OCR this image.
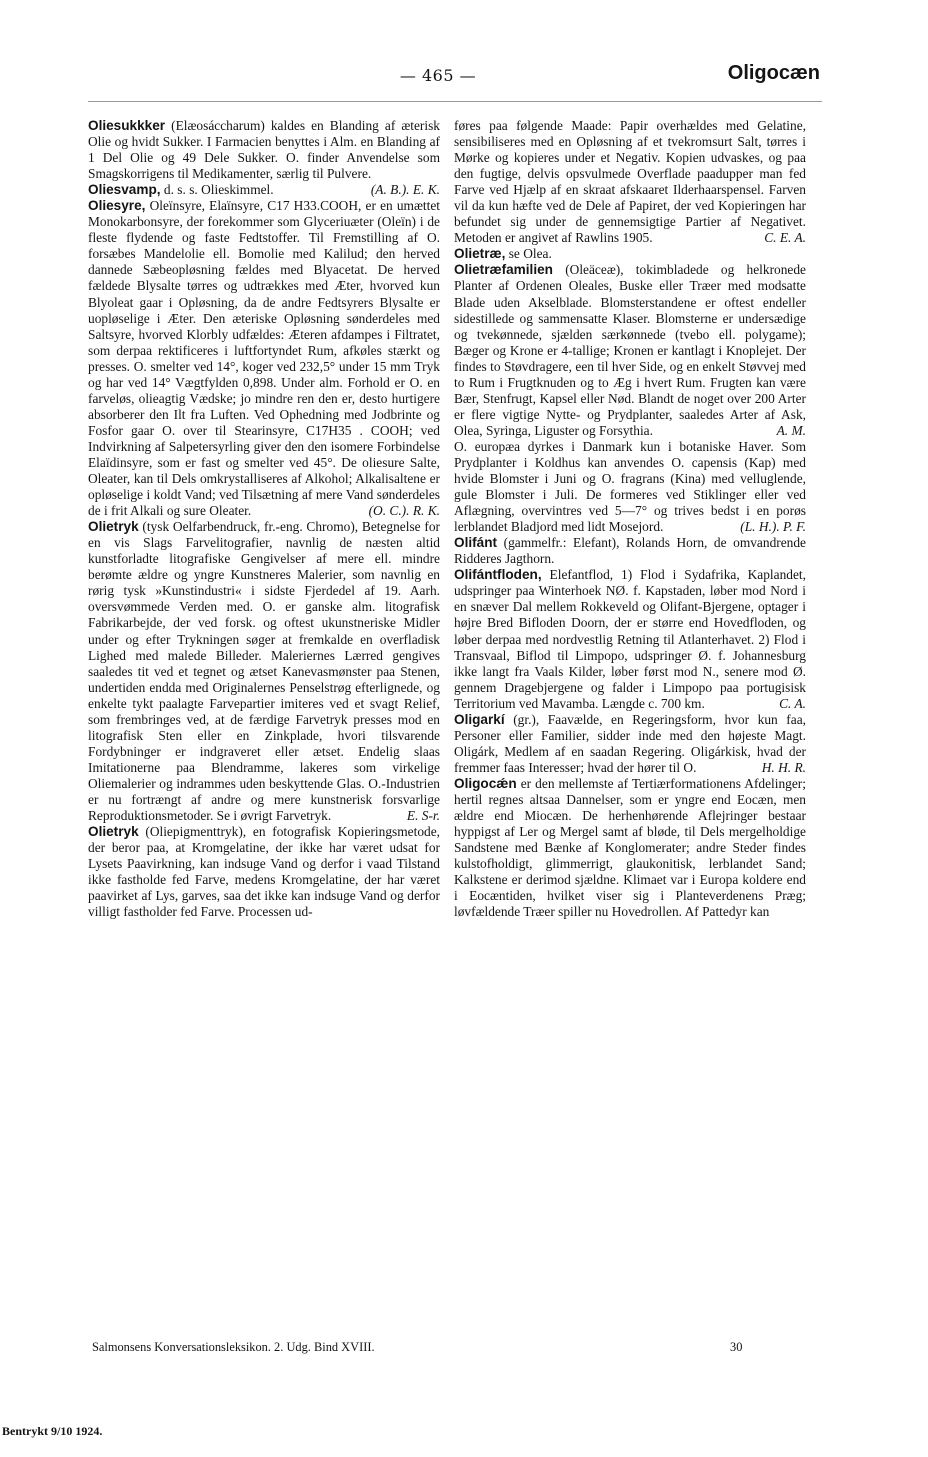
— 465 —	Oligocæn

Oliesukkker (Elæosáccharum) kaldes en Blanding af æterisk Olie og hvidt Sukker. I Farmacien benyttes i Alm. en Blanding af 1 Del Olie og 49 Dele Sukker. O. finder Anvendelse som Smagskorrigens til Medikamenter, særlig til Pulvere.
(A. B.). E. K.

Oliesvamp, d. s. s. Olieskimmel.

Oliesyre, Oleïnsyre, Elaïnsyre, C17 H33.COOH, er en umættet Monokarbonsyre, der forekommer som Glyceriuæter (Oleïn) i de fleste flydende og faste Fedtstoffer. Til Fremstilling af O. forsæbes Mandelolie ell. Bomolie med Kalilud; den herved dannede Sæbeopløsning fældes med Blyacetat. De herved fældede Blysalte tørres og udtrækkes med Æter, hvorved kun Blyoleat gaar i Opløsning, da de andre Fedtsyrers Blysalte er uopløselige i Æter. Den æteriske Opløsning sønderdeles med Saltsyre, hvorved Klorbly udfældes: Æteren afdampes i Filtratet, som derpaa rektificeres i luftfortyndet Rum, afkøles stærkt og presses. O. smelter ved 14°, koger ved 232,5° under 15 mm Tryk og har ved 14° Vægtfylden 0,898. Under alm. Forhold er O. en farveløs, olieagtig Vædske; jo mindre ren den er, desto hurtigere absorberer den Ilt fra Luften. Ved Ophedning med Jodbrinte og Fosfor gaar O. over til Stearinsyre, C17H35 . COOH; ved Indvirkning af Salpetersyrling giver den den isomere Forbindelse Elaïdinsyre, som er fast og smelter ved 45°. De oliesure Salte, Oleater, kan til Dels omkrystalliseres af Alkohol; Alkalisaltene er opløselige i koldt Vand; ved Tilsætning af mere Vand sønderdeles de i frit Alkali og sure Oleater.	(O. C.). R. K.

Olietryk (tysk Oelfarbendruck, fr.-eng. Chromo), Betegnelse for en vis Slags Farvelitografier, navnlig de næsten altid kunstforladte litografiske Gengivelser af mere ell. mindre berømte ældre og yngre Kunstneres Malerier, som navnlig en rørig tysk »Kunstindustri« i sidste Fjerdedel af 19. Aarh. oversvømmede Verden med. O. er ganske alm. litografisk Fabrikarbejde, der ved forsk. og oftest ukunstneriske Midler under og efter Trykningen søger at fremkalde en overfladisk Lighed med malede Billeder. Maleriernes Lærred gengives saaledes tit ved et tegnet og ætset Kanevasmønster paa Stenen, undertiden endda med Originalernes Penselstrøg efterlignede, og enkelte tykt paalagte Farvepartier imiteres ved et svagt Relief, som frembringes ved, at de færdige Farvetryk presses mod en litografisk Sten eller en Zinkplade, hvori tilsvarende Fordybninger er indgraveret eller ætset. Endelig slaas Imitationerne paa Blendramme, lakeres som virkelige Oliemalerier og indrammes uden beskyttende Glas. O.-Industrien er nu fortrængt af andre og mere kunstnerisk forsvarlige Reproduktionsmetoder. Se i øvrigt Farvetryk.	E. S-r.

Olietryk (Oliepigmenttryk), en fotografisk Kopieringsmetode, der beror paa, at Kromgelatine, der ikke har været udsat for Lysets Paavirkning, kan indsuge Vand og derfor i vaad Tilstand ikke fastholde fed Farve, medens Kromgelatine, der har været paavirket af Lys, garves, saa det ikke kan indsuge Vand og derfor villigt fastholder fed Farve. Processen ud-

føres paa følgende Maade: Papir overhældes med Gelatine, sensibiliseres med en Opløsning af et tvekromsurt Salt, tørres i Mørke og kopieres under et Negativ. Kopien udvaskes, og paa den fugtige, delvis opsvulmede Overflade paadupper man fed Farve ved Hjælp af en skraat afskaaret Ilderhaarspensel. Farven vil da kun hæfte ved de Dele af Papiret, der ved Kopieringen har befundet sig under de gennemsigtige Partier af Negativet. Metoden er angivet af Rawlins 1905.	C. E. A.

Olietræ, se Olea.

Olietræfamilien (Oleäcеæ), tokimbladede og helkronede Planter af Ordenen Oleales, Buske eller Træer med modsatte Blade uden Akselblade. Blomsterstandene er oftest endeller sidestillede og sammensatte Klaser. Blomsterne er undersædige og tvekønnede, sjælden særkønnede (tvebo ell. polygame); Bæger og Krone er 4-tallige; Kronen er kantlagt i Knoplejet. Der findes to Støvdragere, een til hver Side, og en enkelt Støvvej med to Rum i Frugtknuden og to Æg i hvert Rum. Frugten kan være Bær, Stenfrugt, Kapsel eller Nød. Blandt de noget over 200 Arter er flere vigtige Nytte- og Prydplanter, saaledes Arter af Ask, Olea, Syringa, Liguster og Forsythia.	A. M.

O. europæa dyrkes i Danmark kun i botaniske Haver. Som Prydplanter i Koldhus kan anvendes O. capensis (Kap) med hvide Blomster i Juni og O. fragrans (Kina) med velluglende, gule Blomster i Juli. De formeres ved Stiklinger eller ved Aflægning, overvintres ved 5—7° og trives bedst i en porøs lerblandet Bladjord med lidt Mosejord.	(L. H.). P. F.

Olifánt (gammelfr.: Elefant), Rolands Horn, de omvandrende Ridderes Jagthorn.

Olifántfloden, Elefantflod, 1) Flod i Sydafrika, Kaplandet, udspringer paa Winterhoek NØ. f. Kapstaden, løber mod Nord i en snæver Dal mellem Rokkeveld og Olifant-Bjergene, optager i højre Bred Bifloden Doorn, der er større end Hovedfloden, og løber derpaa med nordvestlig Retning til Atlanterhavet. 2) Flod i Transvaal, Biflod til Limpopo, udspringer Ø. f. Johannesburg ikke langt fra Vaals Kilder, løber først mod N., senere mod Ø. gennem Dragebjergene og falder i Limpopo paa portugisisk Territorium ved Mavamba. Længde c. 700 km.	C. A.

Oligarkí (gr.), Faavælde, en Regeringsform, hvor kun faa, Personer eller Familier, sidder inde med den højeste Magt. Oligárk, Medlem af en saadan Regering. Oligárkisk, hvad der fremmer faas Interesser; hvad der hører til O.	H. H. R.

Oligocǽn er den mellemste af Tertiærformationens Afdelinger; hertil regnes altsaa Dannelser, som er yngre end Eocæn, men ældre end Miocæn. De herhenhørende Aflejringer bestaar hyppigst af Ler og Mergel samt af bløde, til Dels mergelholdige Sandstene med Bænke af Konglomerater; andre Steder findes kulstofholdigt, glimmerrigt, glaukonitisk, lerblandet Sand; Kalkstene er derimod sjældne. Klimaet var i Europa koldere end i Eocæntiden, hvilket viser sig i Planteverdenens Præg; løvfældende Træer spiller nu Hovedrollen. Af Pattedyr kan

Salmonsens Konversationsleksikon. 2. Udg. Bind XVIII.	30
Bentrykt 9/10 1924.
